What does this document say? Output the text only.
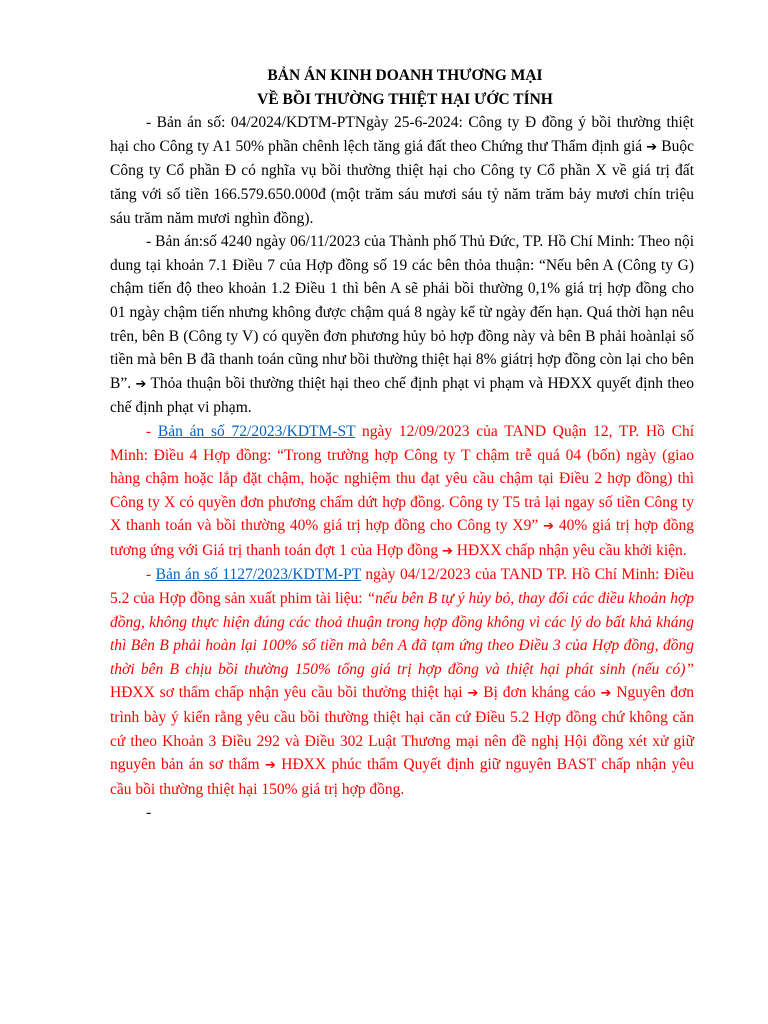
BẢN ÁN KINH DOANH THƯƠNG MẠI

VỀ BỒI THƯỜNG THIỆT HẠI ƯỚC TÍNH

- Bản án số: 04/2024/KDTM-PTNgày 25-6-2024: Công ty Đ đồng ý bồi thường thiệt hại cho Công ty A1 50% phần chênh lệch tăng giá đất theo Chứng thư Thẩm định giá ➔ Buộc Công ty Cổ phần Đ có nghĩa vụ bồi thường thiệt hại cho Công ty Cổ phần X về giá trị đất tăng với số tiền 166.579.650.000đ (một trăm sáu mươi sáu tỷ năm trăm bảy mươi chín triệu sáu trăm năm mươi nghìn đồng).

- Bản án:số 4240 ngày 06/11/2023 của Thành phố Thủ Đức, TP. Hồ Chí Minh: Theo nội dung tại khoản 7.1 Điều 7 của Hợp đồng số 19 các bên thỏa thuận: “Nếu bên A (Công ty G) chậm tiến độ theo khoản 1.2 Điều 1 thì bên A sẽ phải bồi thường 0,1% giá trị hợp đồng cho 01 ngày chậm tiến nhưng không được chậm quá 8 ngày kể từ ngày đến hạn. Quá thời hạn nêu trên, bên B (Công ty V) có quyền đơn phương hủy bỏ hợp đồng này và bên B phải hoànlại số tiền mà bên B đã thanh toán cũng như bồi thường thiệt hại 8% giátrị hợp đồng còn lại cho bên B”. ➔ Thỏa thuận bồi thường thiệt hại theo chế định phạt vi phạm và HĐXX quyết định theo chế định phạt vi phạm.

- Bản án số 72/2023/KDTM-ST ngày 12/09/2023 của TAND Quận 12, TP. Hồ Chí Minh: Điều 4 Hợp đồng: “Trong trường hợp Công ty T chậm trễ quá 04 (bốn) ngày (giao hàng chậm hoặc lắp đặt chậm, hoặc nghiệm thu đạt yêu cầu chậm tại Điều 2 hợp đồng) thì Công ty X có quyền đơn phương chấm dứt hợp đồng. Công ty T5 trả lại ngay số tiền Công ty X thanh toán và bồi thường 40% giá trị hợp đồng cho Công ty X9” ➔ 40% giá trị hợp đồng tương ứng với Giá trị thanh toán đợt 1 của Hợp đồng ➔ HĐXX chấp nhận yêu cầu khởi kiện.

- Bản án số 1127/2023/KDTM-PT ngày 04/12/2023 của TAND TP. Hồ Chí Minh: Điều 5.2 của Hợp đồng sản xuất phim tài liệu: “nếu bên B tự ý hủy bỏ, thay đổi các điều khoản hợp đồng, không thực hiện đúng các thoả thuận trong hợp đồng không vì các lý do bất khả kháng thì Bên B phải hoàn lại 100% số tiền mà bên A đã tạm ứng theo Điều 3 của Hợp đồng, đồng thời bên B chịu bồi thường 150% tổng giá trị hợp đồng và thiệt hại phát sinh (nếu có)” HĐXX sơ thẩm chấp nhận yêu cầu bồi thường thiệt hại ➔ Bị đơn kháng cáo ➔ Nguyên đơn trình bày ý kiến rằng yêu cầu bồi thường thiệt hại căn cứ Điều 5.2 Hợp đồng chứ không căn cứ theo Khoản 3 Điều 292 và Điều 302 Luật Thương mại nên đề nghị Hội đồng xét xử giữ nguyên bản án sơ thẩm ➔ HĐXX phúc thẩm Quyết định giữ nguyên BAST chấp nhận yêu cầu bồi thường thiệt hại 150% giá trị hợp đồng.

-
